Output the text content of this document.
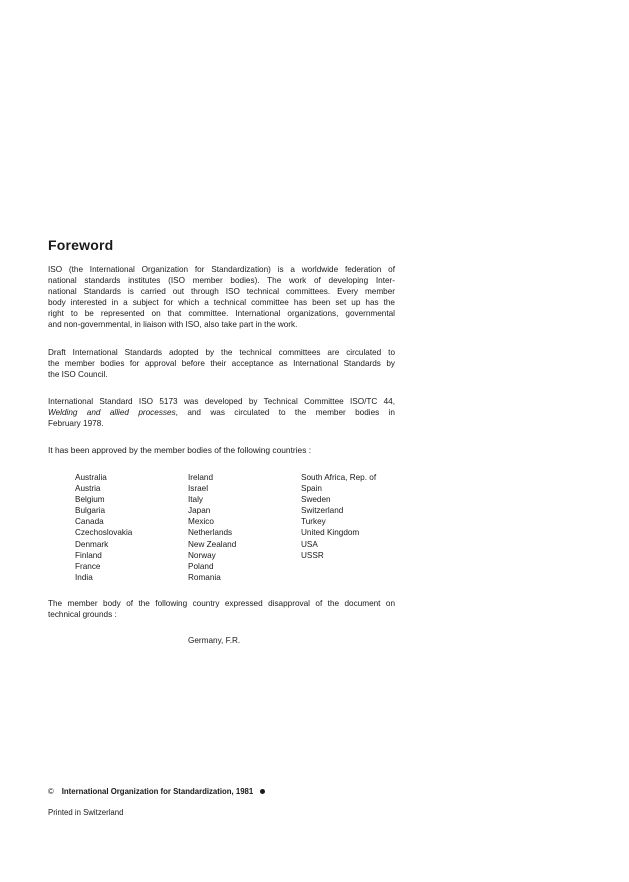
Foreword
ISO (the International Organization for Standardization) is a worldwide federation of
national standards institutes (ISO member bodies). The work of developing Inter-
national Standards is carried out through ISO technical committees. Every member
body interested in a subject for which a technical committee has been set up has the
right to be represented on that committee. International organizations, governmental
and non-governmental, in liaison with ISO, also take part in the work.
Draft International Standards adopted by the technical committees are circulated to
the member bodies for approval before their acceptance as International Standards by
the ISO Council.
International Standard ISO 5173 was developed by Technical Committee ISO/TC 44,
Welding and allied processes, and was circulated to the member bodies in
February 1978.
It has been approved by the member bodies of the following countries :
Australia
Austria
Belgium
Bulgaria
Canada
Czechoslovakia
Denmark
Finland
France
India
Ireland
Israel
Italy
Japan
Mexico
Netherlands
New Zealand
Norway
Poland
Romania
South Africa, Rep. of
Spain
Sweden
Switzerland
Turkey
United Kingdom
USA
USSR
The member body of the following country expressed disapproval of the document on
technical grounds :
Germany, F.R.
© International Organization for Standardization, 1981
Printed in Switzerland
